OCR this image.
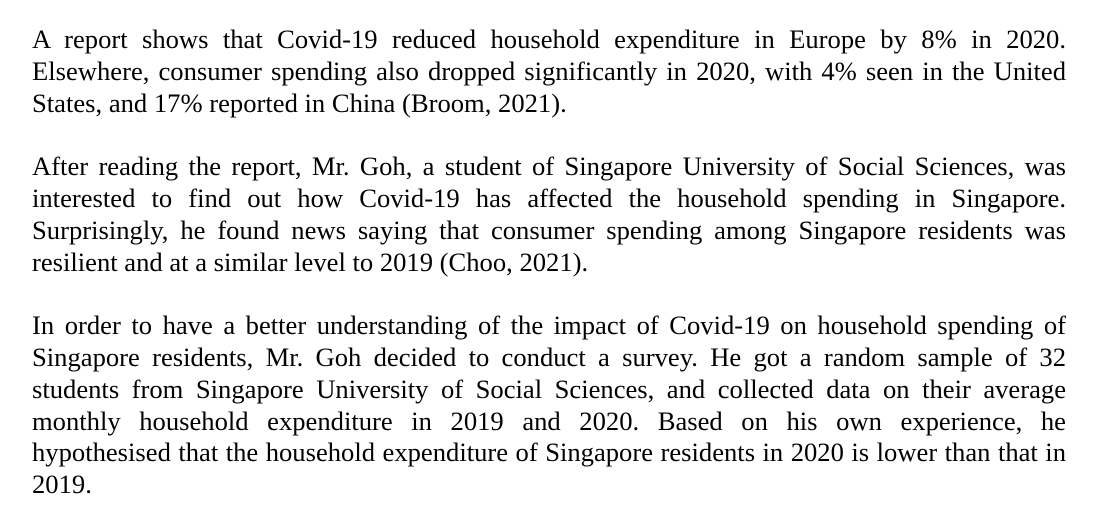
A report shows that Covid-19 reduced household expenditure in Europe by 8% in 2020. Elsewhere, consumer spending also dropped significantly in 2020, with 4% seen in the United States, and 17% reported in China (Broom, 2021).

After reading the report, Mr. Goh, a student of Singapore University of Social Sciences, was interested to find out how Covid-19 has affected the household spending in Singapore. Surprisingly, he found news saying that consumer spending among Singapore residents was resilient and at a similar level to 2019 (Choo, 2021).

In order to have a better understanding of the impact of Covid-19 on household spending of Singapore residents, Mr. Goh decided to conduct a survey. He got a random sample of 32 students from Singapore University of Social Sciences, and collected data on their average monthly household expenditure in 2019 and 2020. Based on his own experience, he hypothesised that the household expenditure of Singapore residents in 2020 is lower than that in 2019.
